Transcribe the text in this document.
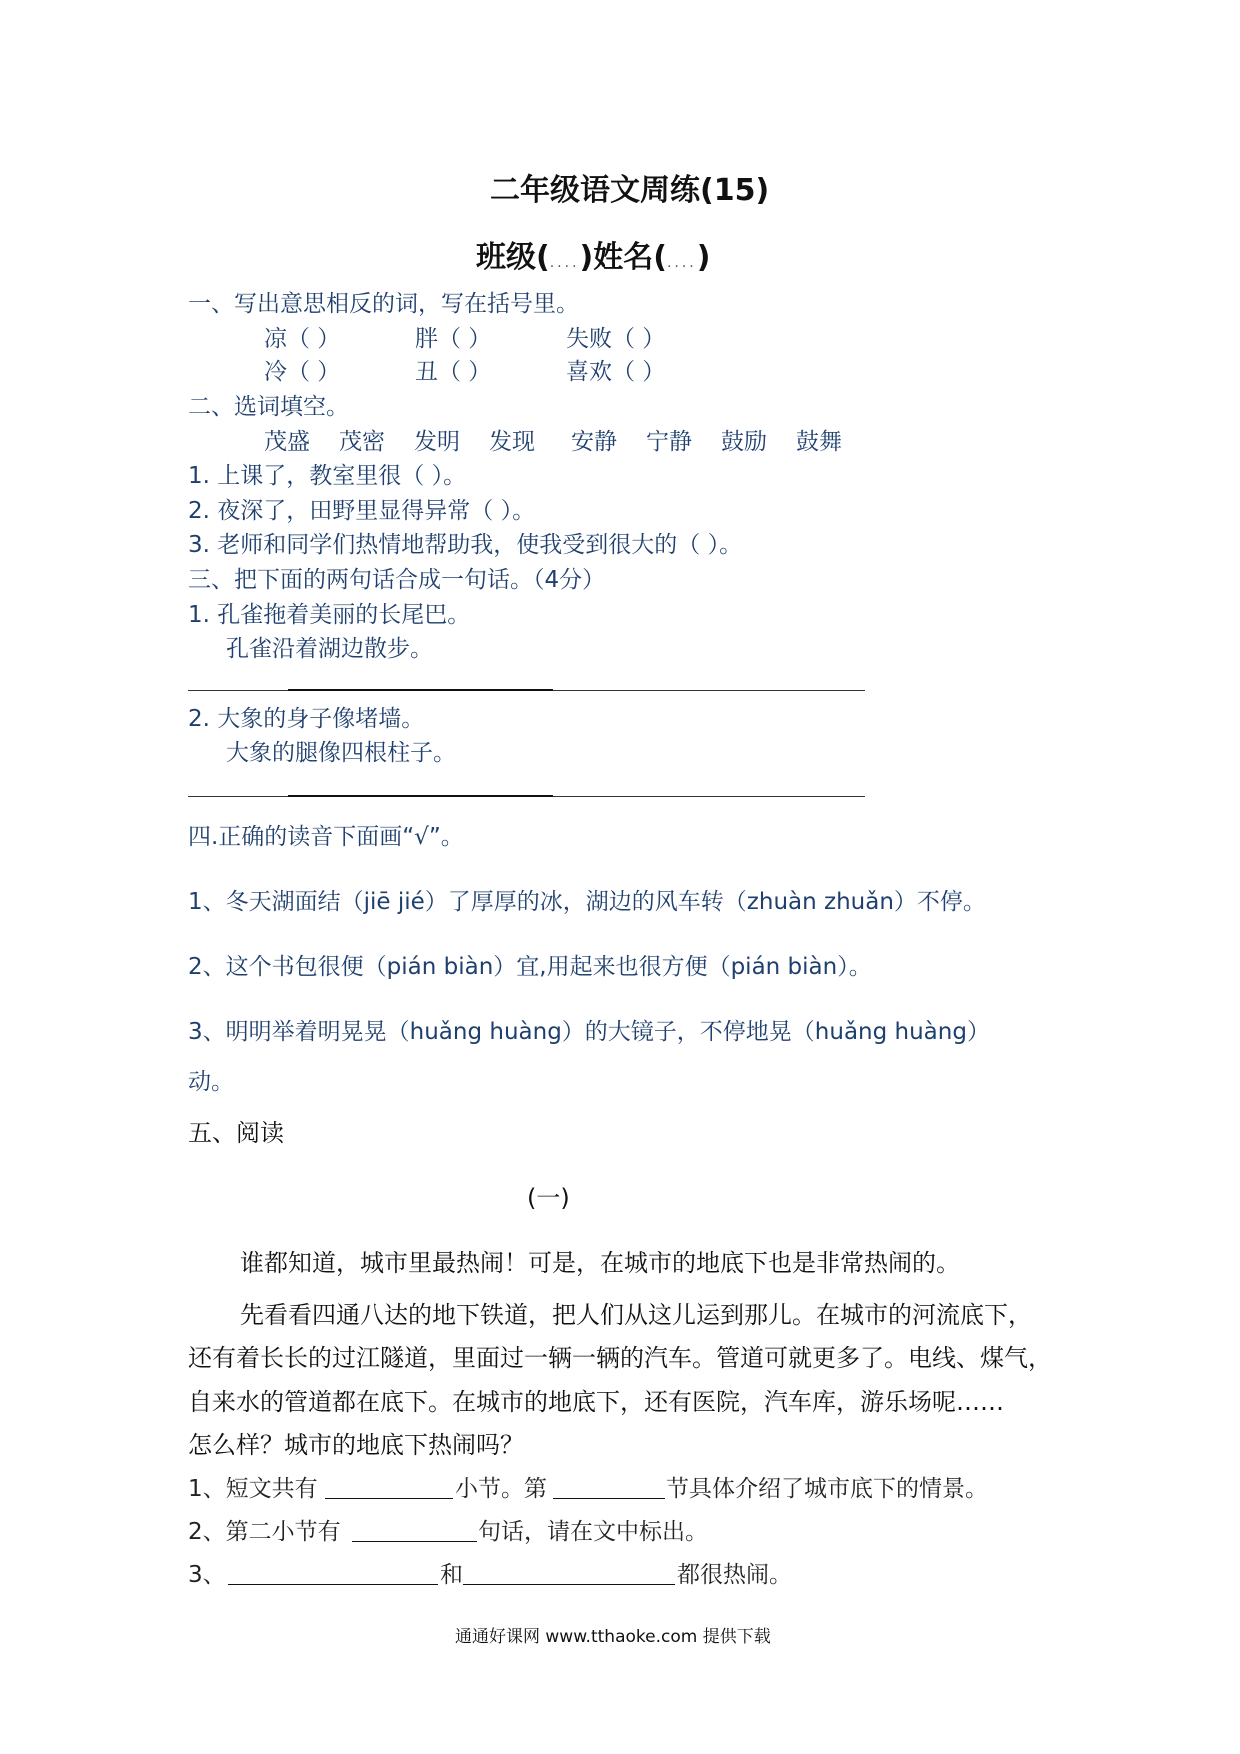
二年级语文周练(15)
班级(....)姓名(....)
一、写出意思相反的词，写在括号里。
凉（ ）	胖（ ）	失败（ ）
冷（ ）	丑（ ）	喜欢（ ）
二、选词填空。
茂盛 茂密 发明 发现 安静 宁静 鼓励 鼓舞
1. 上课了，教室里很（ ）。
2. 夜深了，田野里显得异常（ ）。
3. 老师和同学们热情地帮助我，使我受到很大的（ ）。
三、把下面的两句话合成一句话。（4分）
1. 孔雀拖着美丽的长尾巴。
孔雀沿着湖边散步。
2. 大象的身子像堵墙。
大象的腿像四根柱子。
四.正确的读音下面画“√”。
1、冬天湖面结（jiē jié）了厚厚的冰，湖边的风车转（zhuàn zhuǎn）不停。
2、这个书包很便（pián biàn）宜,用起来也很方便（pián biàn）。
3、明明举着明晃晃（huǎng huàng）的大镜子，不停地晃（huǎng huàng）
动。
五、阅读
(一)
谁都知道，城市里最热闹！可是，在城市的地底下也是非常热闹的。
先看看四通八达的地下铁道，把人们从这儿运到那儿。在城市的河流底下，
还有着长长的过江隧道，里面过一辆一辆的汽车。管道可就更多了。电线、煤气，
自来水的管道都在底下。在城市的地底下，还有医院，汽车库，游乐场呢……
怎么样？城市的地底下热闹吗？
1、短文共有	小节。第	节具体介绍了城市底下的情景。
2、第二小节有	句话，请在文中标出。
3、	和	都很热闹。
通通好课网 www.tthaoke.com 提供下载
